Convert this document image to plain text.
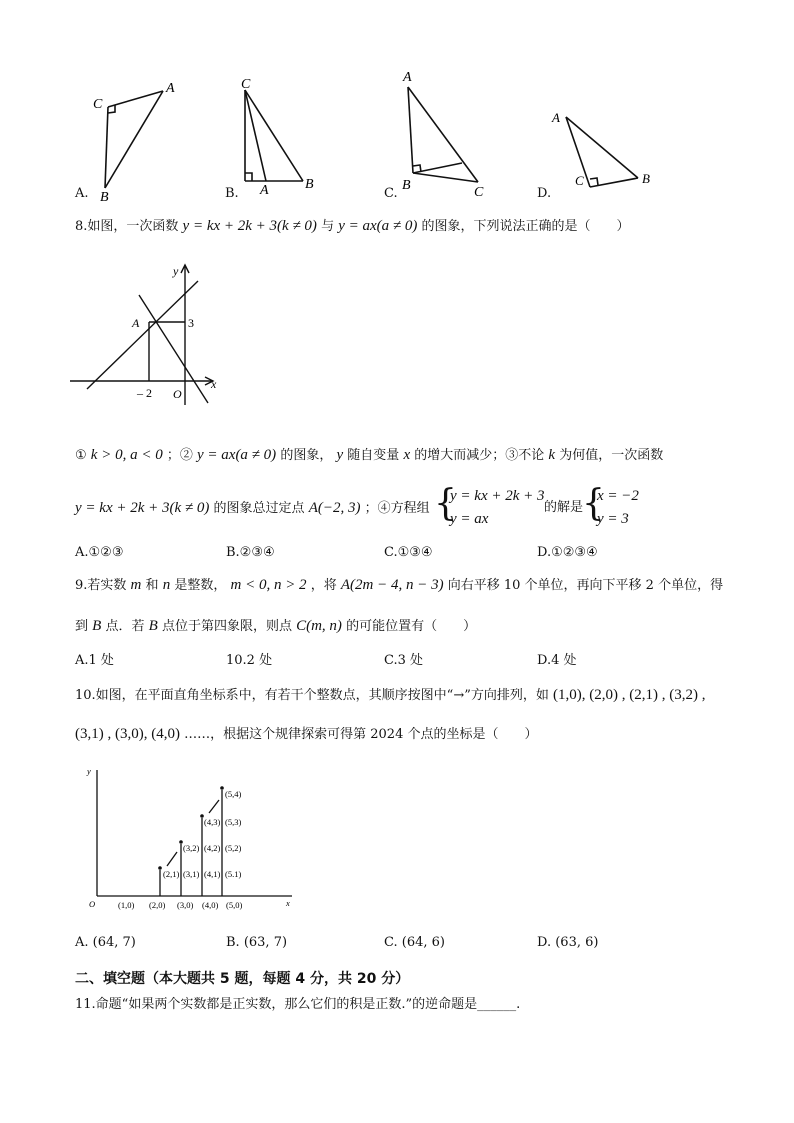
C
A
B
C
A	B
A
B	C
A
C	B
A.	B.	C.	D.
8.如图，一次函数 y = kx + 2k + 3(k ≠ 0) 与 y = ax(a ≠ 0) 的图象，下列说法正确的是（　　）
y
x
A	3
– 2 O
① k > 0, a < 0 ；② y = ax(a ≠ 0) 的图象， y 随自变量 x 的增大而减少；③不论 k 为何值，一次函数
y = kx + 2k + 3(k ≠ 0) 的图象总过定点 A(−2, 3) ；④方程组 {
y = kx + 2k + 3
y = ax
的解是
{
x = −2
y = 3
A.①②③	B.②③④	C.①③④	D.①②③④
9.若实数 m 和 n 是整数， m < 0, n > 2 ，将 A(2m − 4, n − 3) 向右平移 10 个单位，再向下平移 2 个单位，得
到 B 点．若 B 点位于第四象限，则点 C(m, n) 的可能位置有（　　）
A.1 处	10.2 处	C.3 处	D.4 处
10.如图，在平面直角坐标系中，有若干个整数点，其顺序按图中“→”方向排列，如 (1,0), (2,0) , (2,1) , (3,2) ,
(3,1) , (3,0), (4,0) ……，根据这个规律探索可得第 2024 个点的坐标是（　　）
y
O	x
(1,0) (2,0) (3,0) (4,0) (5,0)
(2,1) (3,1)
(3,2)
(4,1)
(4,2)
(4,3)
(5.1)
(5,2)
(5,3)
(5,4)
A. (64, 7)	B. (63, 7)	C. (64, 6)	D. (63, 6)
二、填空题（本大题共 5 题，每题 4 分，共 20 分）
11.命题“如果两个实数都是正实数，那么它们的积是正数.”的逆命题是______.
